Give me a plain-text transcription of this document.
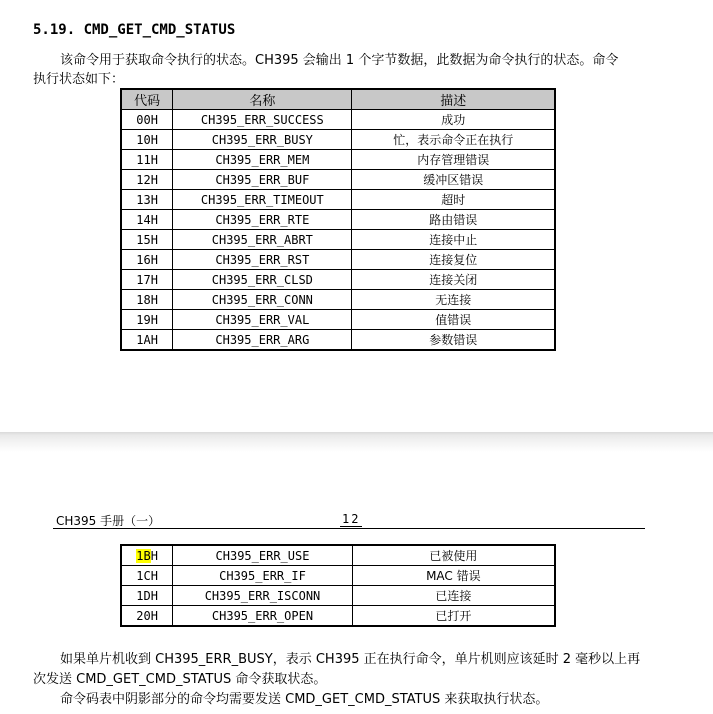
5.19. CMD_GET_CMD_STATUS
该命令用于获取命令执行的状态。CH395 会输出 1 个字节数据，此数据为命令执行的状态。命令
执行状态如下：
代码	名称	描述
00H	CH395_ERR_SUCCESS	成功
10H	CH395_ERR_BUSY	忙，表示命令正在执行
11H	CH395_ERR_MEM	内存管理错误
12H	CH395_ERR_BUF	缓冲区错误
13H	CH395_ERR_TIMEOUT	超时
14H	CH395_ERR_RTE	路由错误
15H	CH395_ERR_ABRT	连接中止
16H	CH395_ERR_RST	连接复位
17H	CH395_ERR_CLSD	连接关闭
18H	CH395_ERR_CONN	无连接
19H	CH395_ERR_VAL	值错误
1AH	CH395_ERR_ARG	参数错误
CH395 手册（一）	12
1BH	CH395_ERR_USE	已被使用
1CH	CH395_ERR_IF	MAC 错误
1DH	CH395_ERR_ISCONN	已连接
20H	CH395_ERR_OPEN	已打开
如果单片机收到 CH395_ERR_BUSY，表示 CH395 正在执行命令，单片机则应该延时 2 毫秒以上再
次发送 CMD_GET_CMD_STATUS 命令获取状态。
命令码表中阴影部分的命令均需要发送 CMD_GET_CMD_STATUS 来获取执行状态。
